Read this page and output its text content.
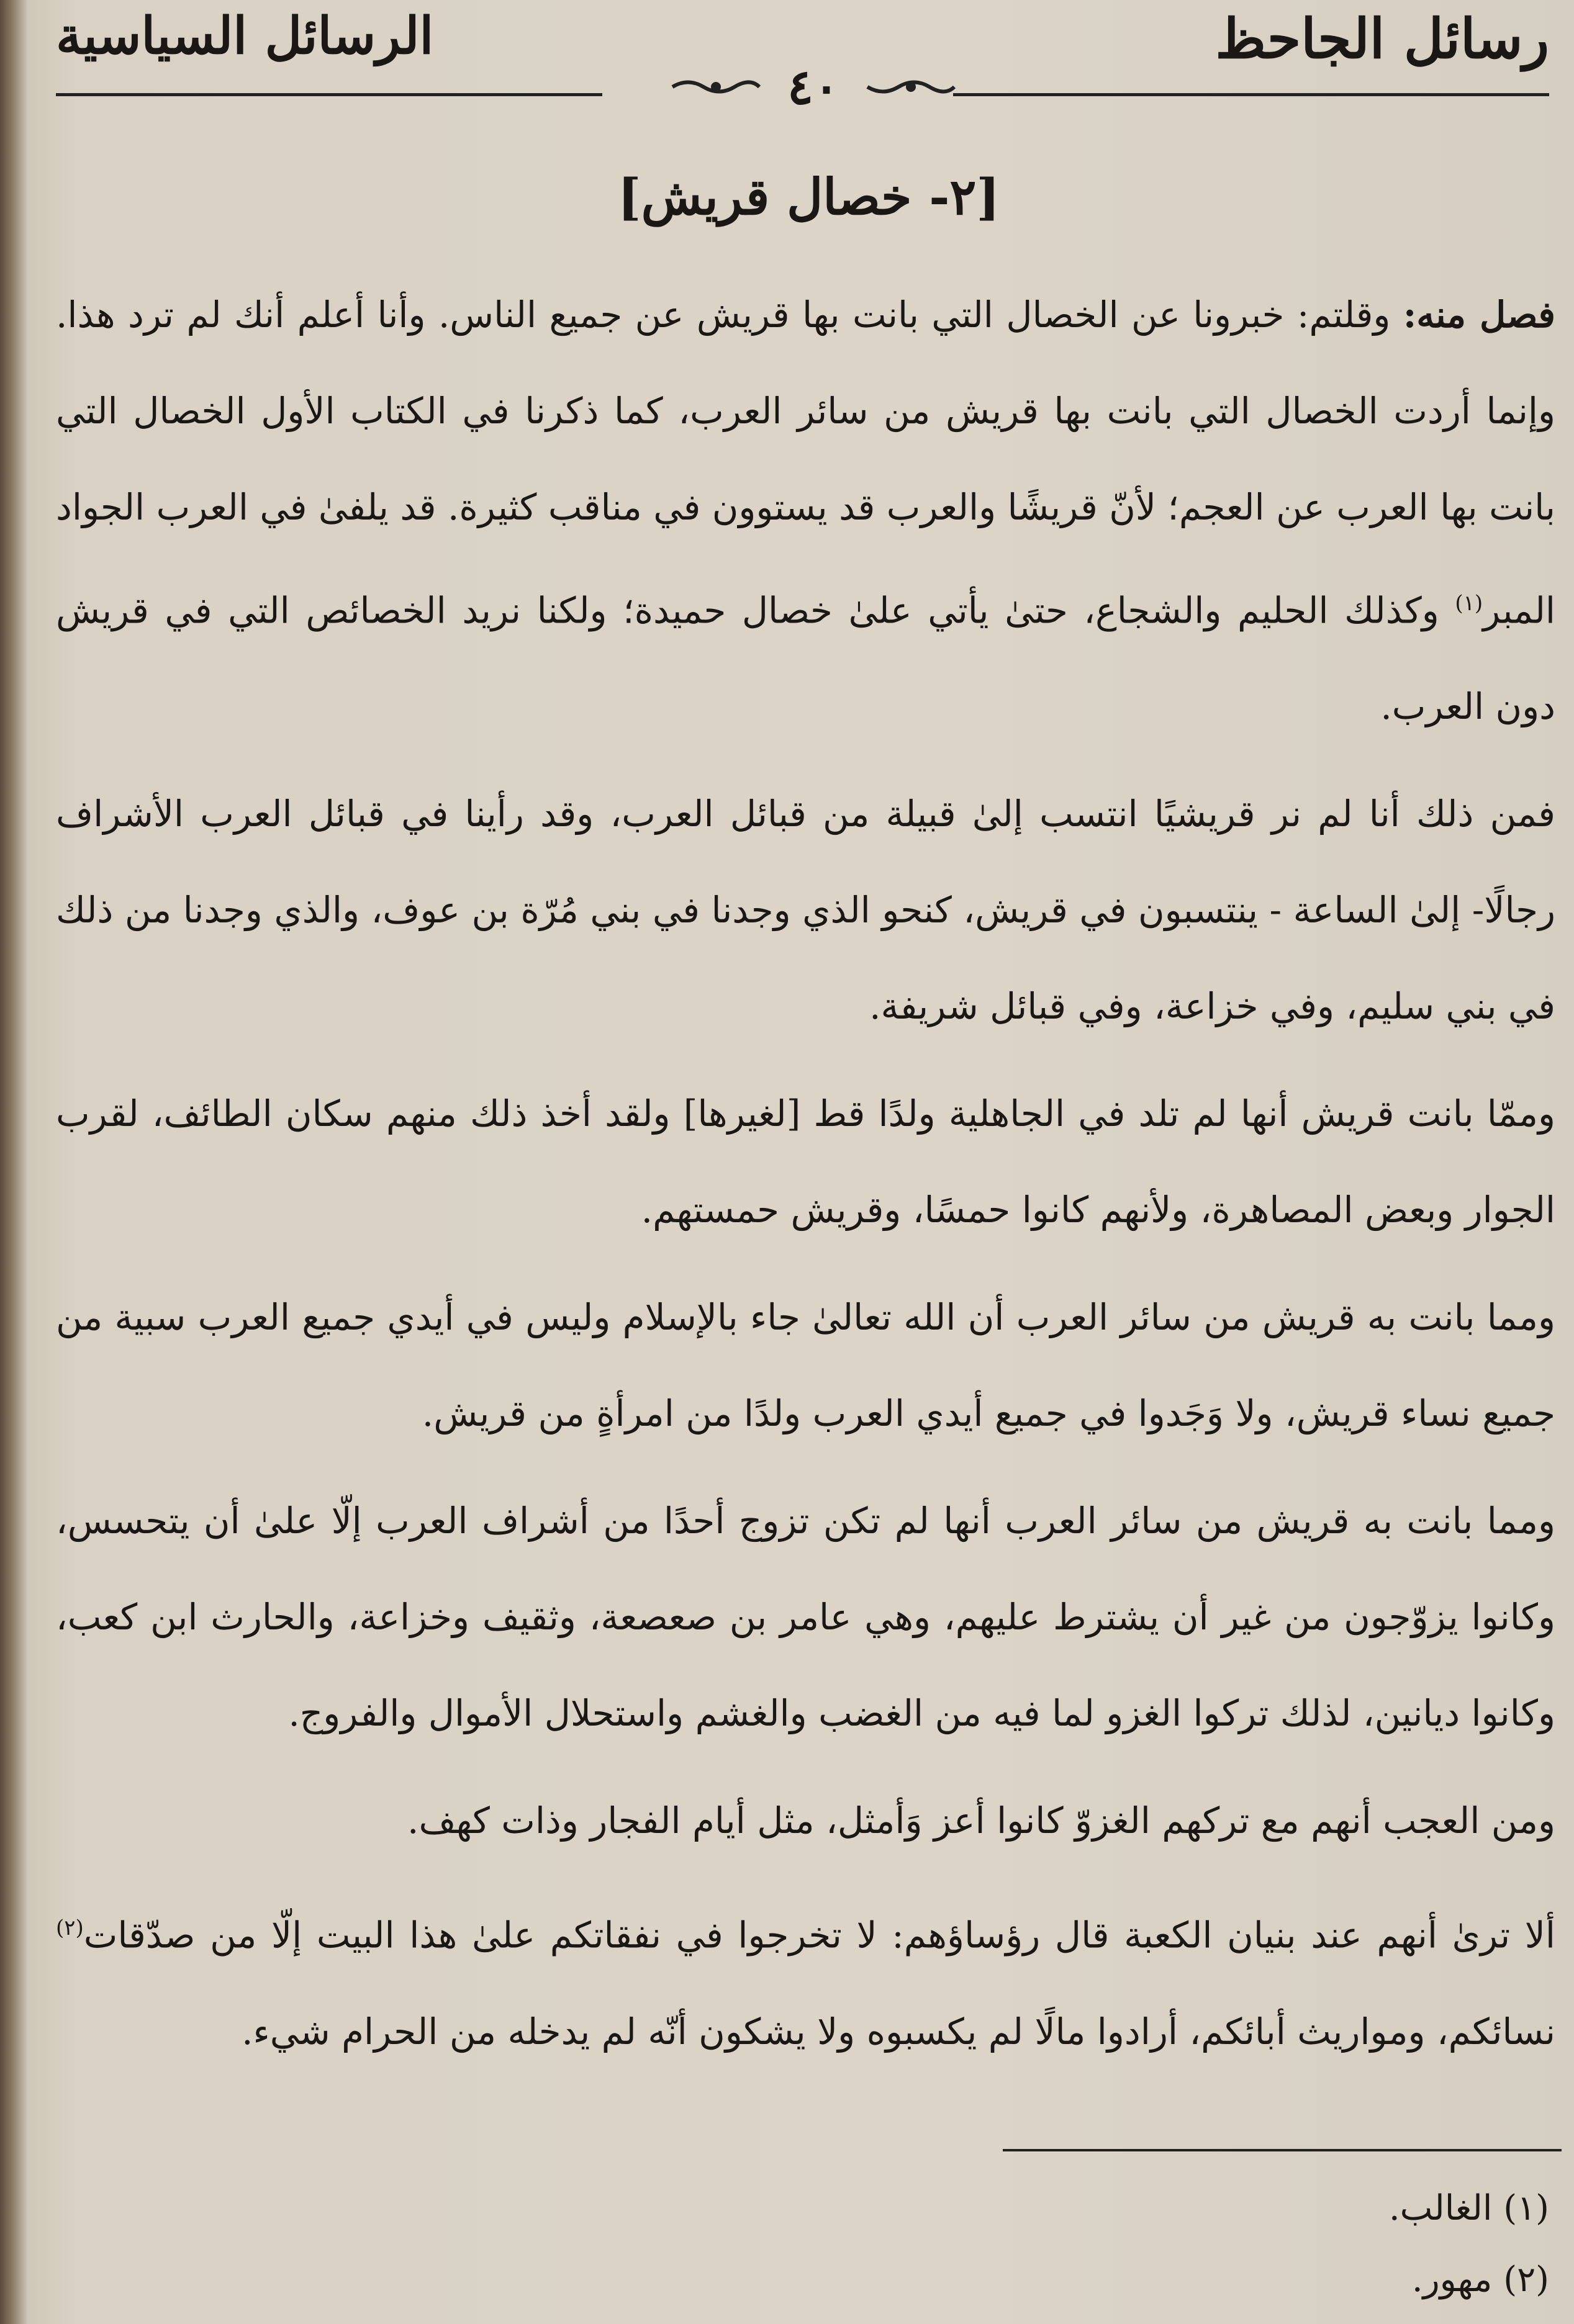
رسائل الجاحظ
الرسائل السياسية
٤٠
[٢- خصال قريش]

فصل منه: وقلتم: خبرونا عن الخصال التي بانت بها قريش عن جميع الناس. وأنا أعلم أنك لم ترد هذا. وإنما أردت الخصال التي بانت بها قريش من سائر العرب، كما ذكرنا في الكتاب الأول الخصال التي بانت بها العرب عن العجم؛ لأنّ قريشًا والعرب قد يستوون في مناقب كثيرة. قد يلفىٰ في العرب الجواد المبر$^{(١)}$ وكذلك الحليم والشجاع، حتىٰ يأتي علىٰ خصال حميدة؛ ولكنا نريد الخصائص التي في قريش دون العرب.

فمن ذلك أنا لم نر قريشيًا انتسب إلىٰ قبيلة من قبائل العرب، وقد رأينا في قبائل العرب الأشراف رجالًا- إلىٰ الساعة - ينتسبون في قريش، كنحو الذي وجدنا في بني مُرّة بن عوف، والذي وجدنا من ذلك في بني سليم، وفي خزاعة، وفي قبائل شريفة.

وممّا بانت قريش أنها لم تلد في الجاهلية ولدًا قط [لغيرها] ولقد أخذ ذلك منهم سكان الطائف، لقرب الجوار وبعض المصاهرة، ولأنهم كانوا حمسًا، وقريش حمستهم.

ومما بانت به قريش من سائر العرب أن الله تعالىٰ جاء بالإسلام وليس في أيدي جميع العرب سبية من جميع نساء قريش، ولا وَجَدوا في جميع أيدي العرب ولدًا من امرأةٍ من قريش.

ومما بانت به قريش من سائر العرب أنها لم تكن تزوج أحدًا من أشراف العرب إلّا علىٰ أن يتحسس، وكانوا يزوّجون من غير أن يشترط عليهم، وهي عامر بن صعصعة، وثقيف وخزاعة، والحارث ابن كعب، وكانوا ديانين، لذلك تركوا الغزو لما فيه من الغضب والغشم واستحلال الأموال والفروج.

ومن العجب أنهم مع تركهم الغزوّ كانوا أعز وَأمثل، مثل أيام الفجار وذات كهف.

ألا ترىٰ أنهم عند بنيان الكعبة قال رؤساؤهم: لا تخرجوا في نفقاتكم علىٰ هذا البيت إلّا من صدّقات$^{(٢)}$ نسائكم، ومواريث أبائكم، أرادوا مالًا لم يكسبوه ولا يشكون أنّه لم يدخله من الحرام شيء.

(١) الغالب.
(٢) مهور.
